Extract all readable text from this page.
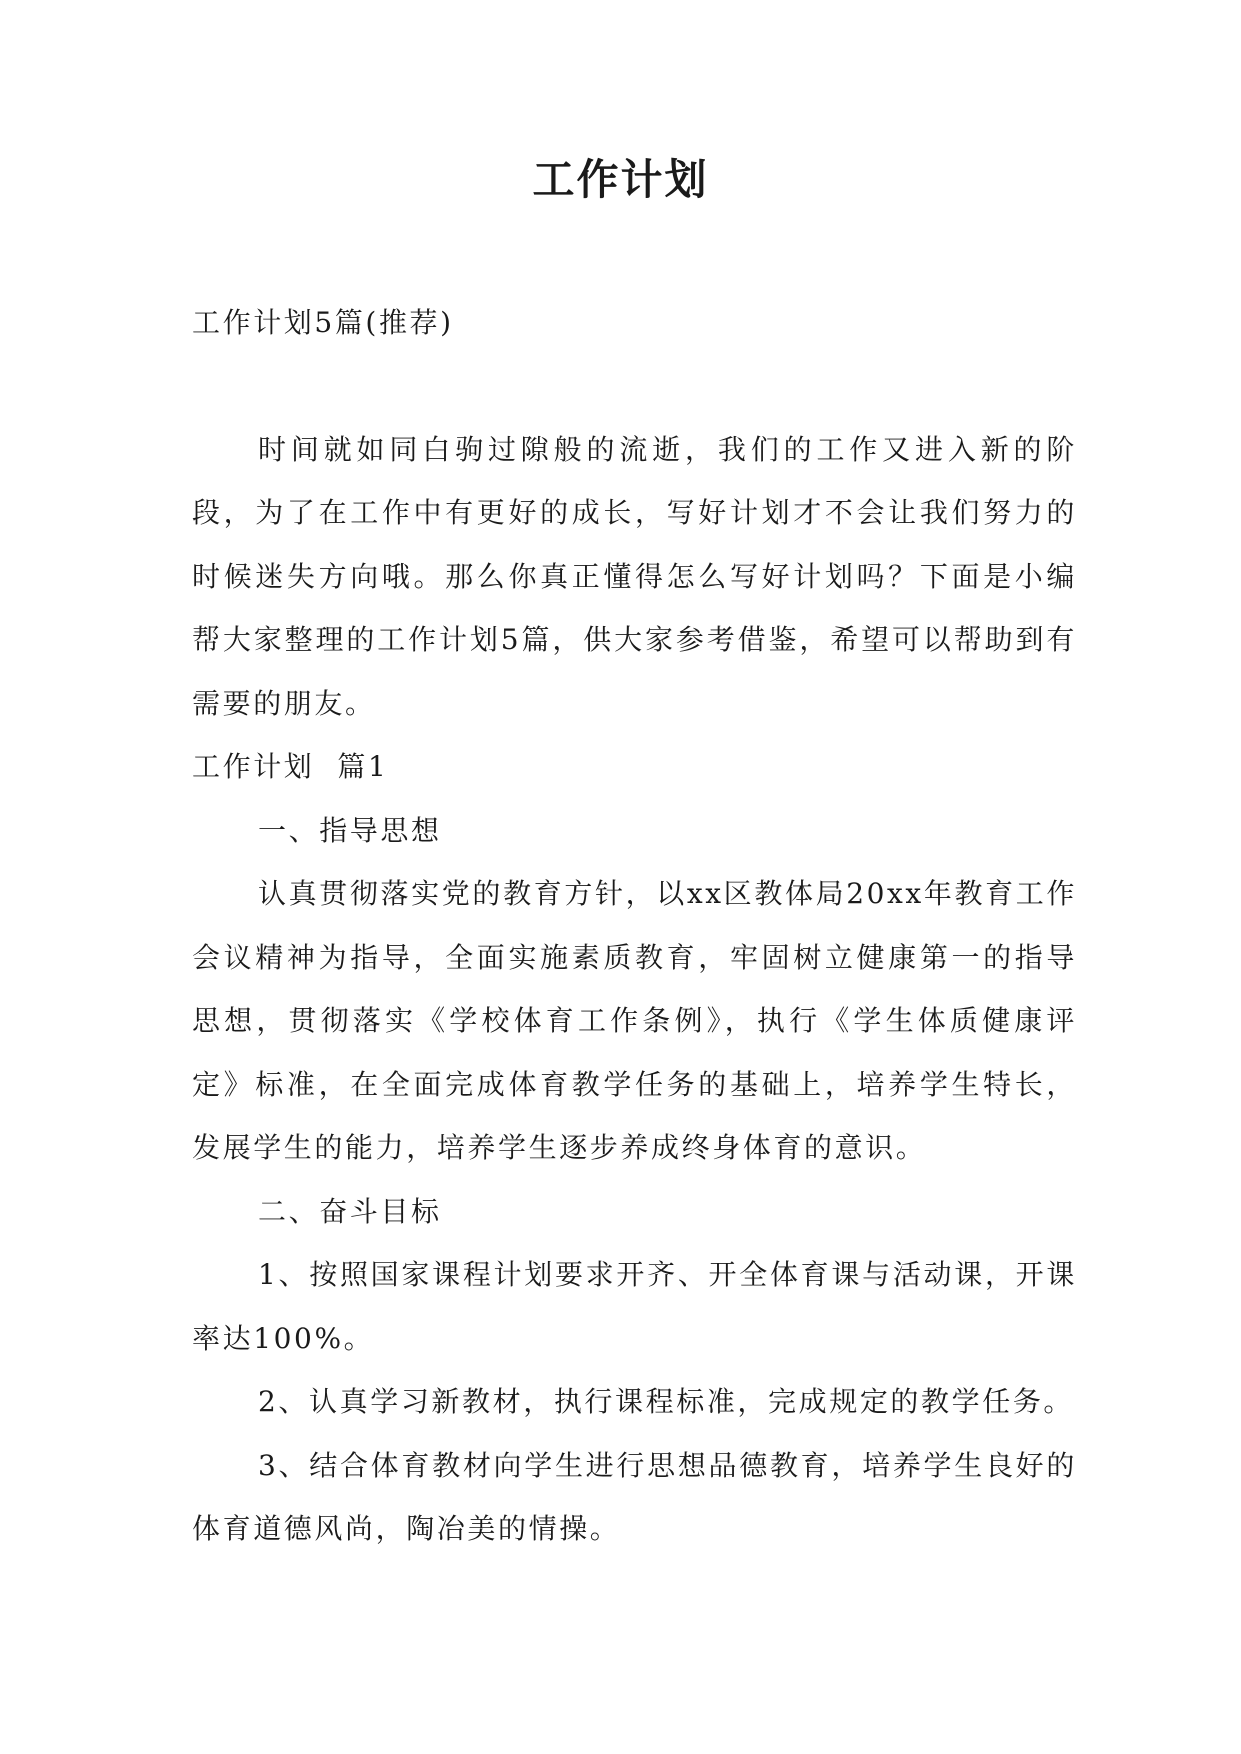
工作计划

工作计划5篇(推荐)

时间就如同白驹过隙般的流逝，我们的工作又进入新的阶段，为了在工作中有更好的成长，写好计划才不会让我们努力的时候迷失方向哦。那么你真正懂得怎么写好计划吗？下面是小编帮大家整理的工作计划5篇，供大家参考借鉴，希望可以帮助到有需要的朋友。

工作计划  篇1

一、指导思想

认真贯彻落实党的教育方针，以xx区教体局20xx年教育工作会议精神为指导，全面实施素质教育，牢固树立健康第一的指导思想，贯彻落实《学校体育工作条例》，执行《学生体质健康评定》标准，在全面完成体育教学任务的基础上，培养学生特长，发展学生的能力，培养学生逐步养成终身体育的意识。

二、奋斗目标

1、按照国家课程计划要求开齐、开全体育课与活动课，开课率达100%。

2、认真学习新教材，执行课程标准，完成规定的教学任务。

3、结合体育教材向学生进行思想品德教育，培养学生良好的体育道德风尚，陶冶美的情操。
